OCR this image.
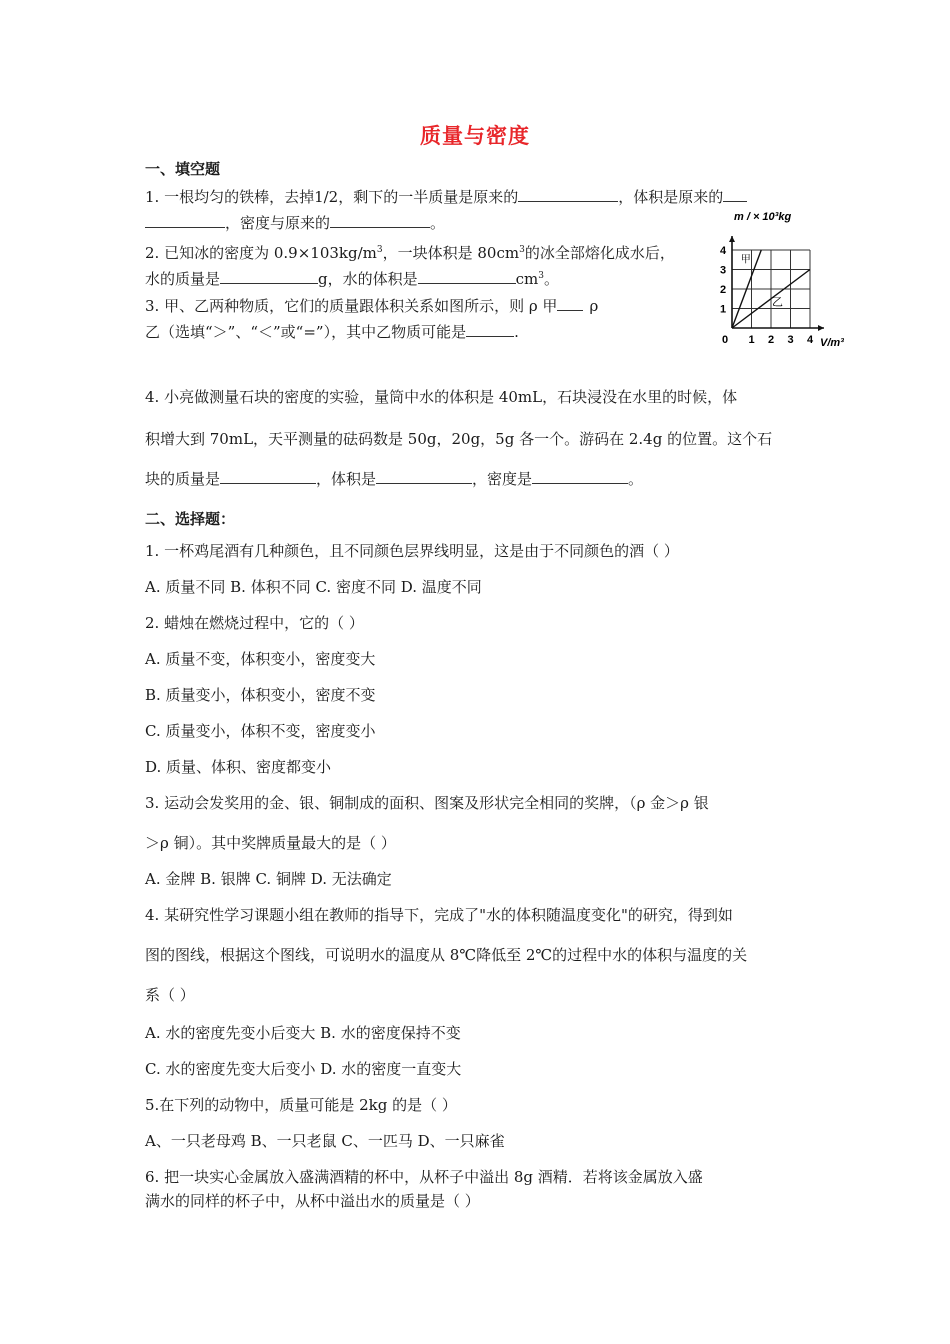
质量与密度
一、填空题
1. 一根均匀的铁棒，去掉1/2，剩下的一半质量是原来的	，体积是原来的
，密度与原来的	。
2. 已知冰的密度为 $0.9\times 103kg/m^3$，一块体积是 $80cm^3$的冰全部熔化成水后，
水的质量是	g，水的体积是	$cm^3$。
3. 甲、乙两种物质，它们的质量跟体积关系如图所示，则 ρ 甲 ρ
乙（选填“＞”、“＜”或“=”），其中乙物质可能是	.
m / × 10³kg
V/m³
1
2
3
4
0 1 2 3 4
甲
乙
4. 小亮做测量石块的密度的实验，量筒中水的体积是 40mL，石块浸没在水里的时候，体
积增大到 70mL，天平测量的砝码数是 50g，20g，5g 各一个。游码在 2.4g 的位置。这个石
块的质量是	，体积是	，密度是	。
二、选择题：
1. 一杯鸡尾酒有几种颜色，且不同颜色层界线明显，这是由于不同颜色的酒（ ）
A. 质量不同 B. 体积不同 C. 密度不同 D. 温度不同
2. 蜡烛在燃烧过程中，它的（ ）
A. 质量不变，体积变小，密度变大
B. 质量变小，体积变小，密度不变
C. 质量变小，体积不变，密度变小
D. 质量、体积、密度都变小
3. 运动会发奖用的金、银、铜制成的面积、图案及形状完全相同的奖牌，（ρ 金＞ρ 银
＞ρ 铜）。其中奖牌质量最大的是（ ）
A. 金牌 B. 银牌 C. 铜牌 D. 无法确定
4. 某研究性学习课题小组在教师的指导下，完成了"水的体积随温度变化"的研究，得到如
图的图线，根据这个图线，可说明水的温度从 8℃降低至 2℃的过程中水的体积与温度的关
系（ ）
A. 水的密度先变小后变大 B. 水的密度保持不变
C. 水的密度先变大后变小 D. 水的密度一直变大
5.在下列的动物中，质量可能是 2kg 的是（ ）
A、一只老母鸡 B、一只老鼠 C、一匹马 D、一只麻雀
6. 把一块实心金属放入盛满酒精的杯中，从杯子中溢出 8g 酒精．若将该金属放入盛
满水的同样的杯子中，从杯中溢出水的质量是（ ）
